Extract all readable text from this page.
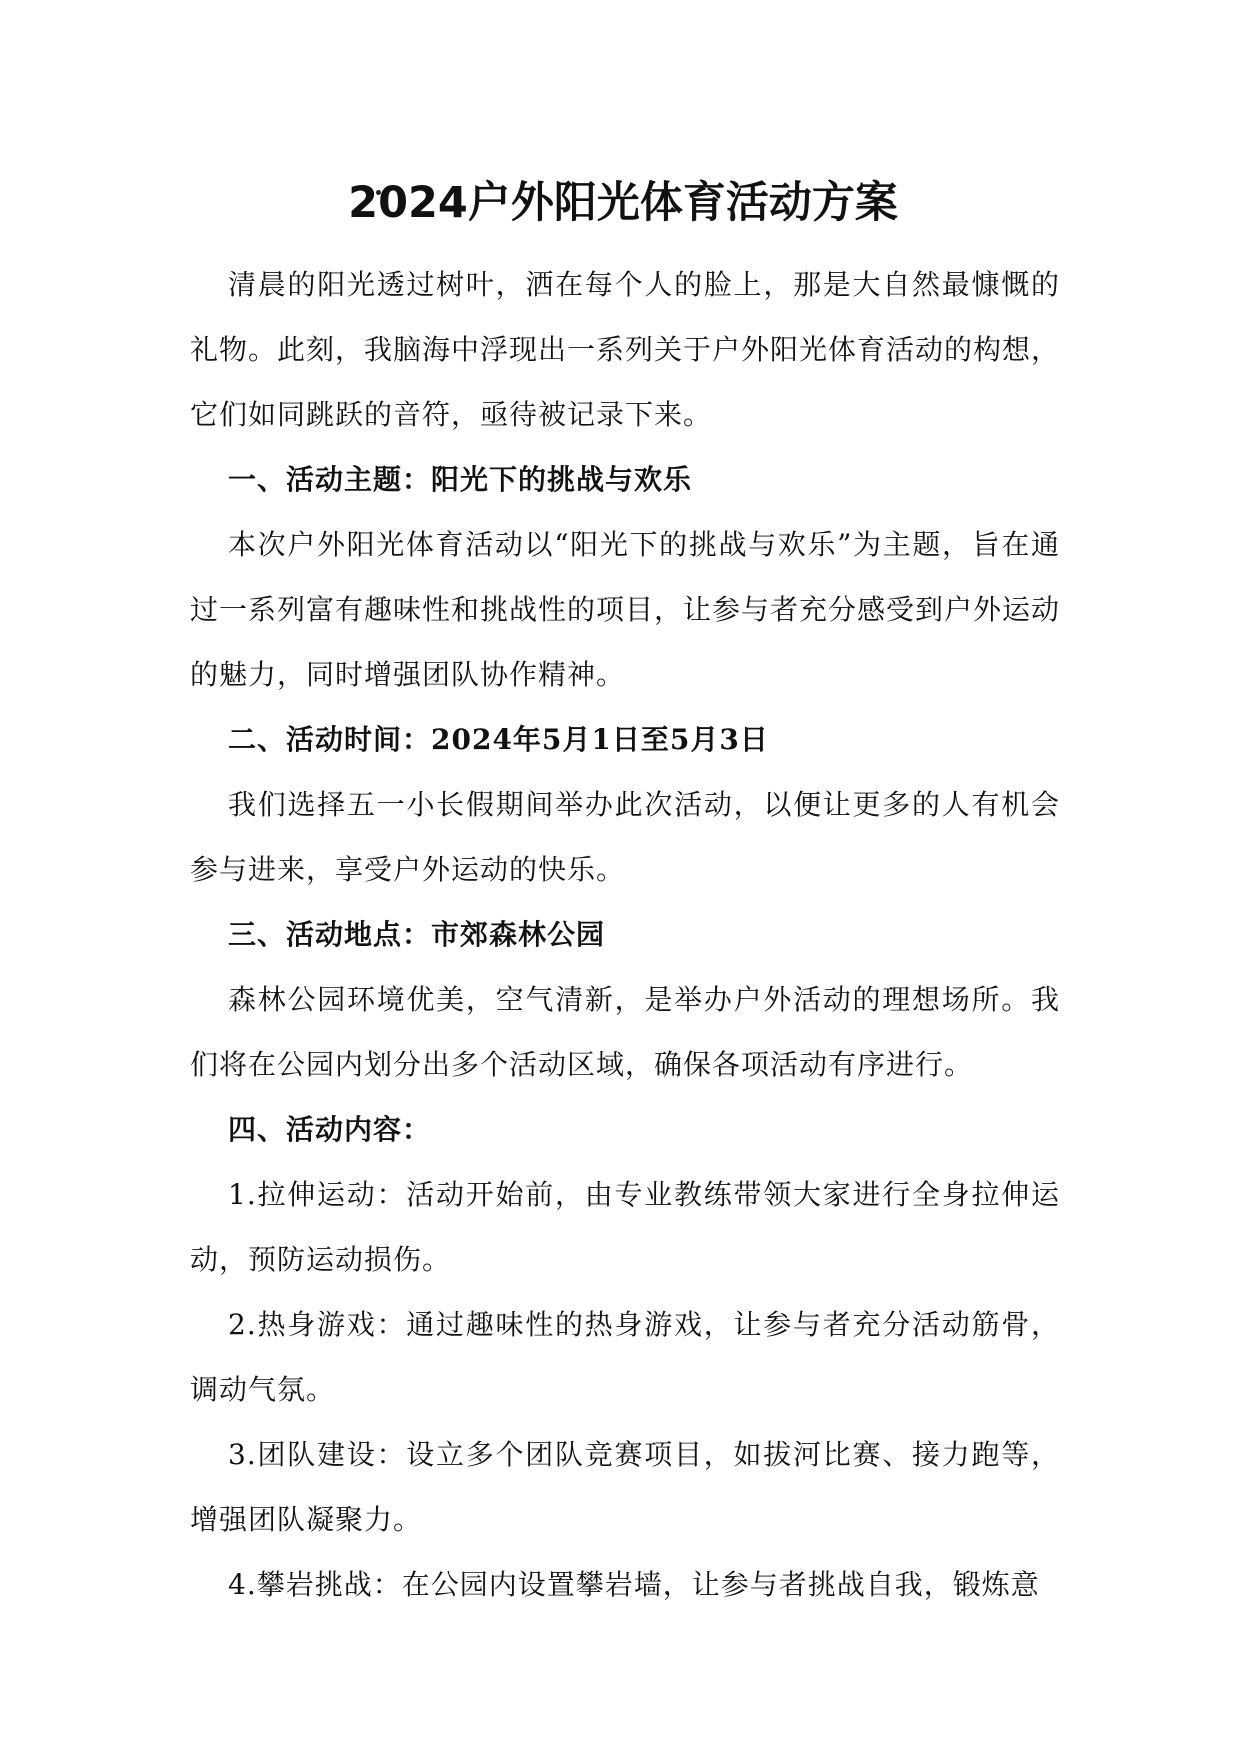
2024户外阳光体育活动方案

清晨的阳光透过树叶，洒在每个人的脸上，那是大自然最慷慨的礼物。此刻，我脑海中浮现出一系列关于户外阳光体育活动的构想，它们如同跳跃的音符，亟待被记录下来。

一、活动主题：阳光下的挑战与欢乐

本次户外阳光体育活动以“阳光下的挑战与欢乐”为主题，旨在通过一系列富有趣味性和挑战性的项目，让参与者充分感受到户外运动的魅力，同时增强团队协作精神。

二、活动时间：2024年5月1日至5月3日

我们选择五一小长假期间举办此次活动，以便让更多的人有机会参与进来，享受户外运动的快乐。

三、活动地点：市郊森林公园

森林公园环境优美，空气清新，是举办户外活动的理想场所。我们将在公园内划分出多个活动区域，确保各项活动有序进行。

四、活动内容：

1.拉伸运动：活动开始前，由专业教练带领大家进行全身拉伸运动，预防运动损伤。

2.热身游戏：通过趣味性的热身游戏，让参与者充分活动筋骨，调动气氛。

3.团队建设：设立多个团队竞赛项目，如拔河比赛、接力跑等，增强团队凝聚力。

4.攀岩挑战：在公园内设置攀岩墙，让参与者挑战自我，锻炼意
